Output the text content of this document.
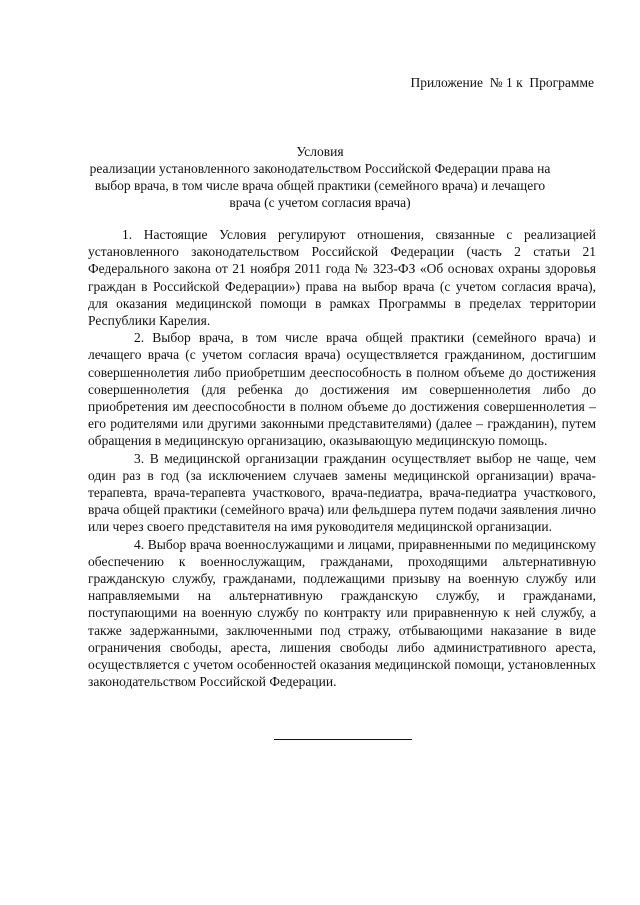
Приложение  № 1 к  Программе
Условия
реализации установленного законодательством Российской Федерации права на
выбор врача, в том числе врача общей практики (семейного врача) и лечащего
врача (с учетом согласия врача)

1. Настоящие Условия регулируют отношения, связанные с реализацией установленного законодательством Российской Федерации (часть 2 статьи 21 Федерального закона от 21 ноября 2011 года № 323-ФЗ «Об основах охраны здоровья граждан в Российской Федерации») права на выбор врача (с учетом согласия врача), для оказания медицинской помощи в рамках Программы в пределах территории Республики Карелия.

2. Выбор врача, в том числе врача общей практики (семейного врача) и лечащего врача (с учетом согласия врача) осуществляется гражданином, достигшим совершеннолетия либо приобретшим дееспособность в полном объеме до достижения совершеннолетия (для ребенка до достижения им совершеннолетия либо до приобретения им дееспособности в полном объеме до достижения совершеннолетия – его родителями или другими законными представителями) (далее – гражданин), путем обращения в медицинскую организацию, оказывающую медицинскую помощь.

3. В медицинской организации гражданин осуществляет выбор не чаще, чем один раз в год (за исключением случаев замены медицинской организации) врача-терапевта, врача-терапевта участкового, врача-педиатра, врача-педиатра участкового, врача общей практики (семейного врача) или фельдшера путем подачи заявления лично или через своего представителя на имя руководителя медицинской организации.

4. Выбор врача военнослужащими и лицами, приравненными по медицинскому обеспечению к военнослужащим, гражданами, проходящими альтернативную гражданскую службу, гражданами, подлежащими призыву на военную службу или направляемыми на альтернативную гражданскую службу, и гражданами, поступающими на военную службу по контракту или приравненную к ней службу, а также задержанными, заключенными под стражу, отбывающими наказание в виде ограничения свободы, ареста, лишения свободы либо административного ареста, осуществляется с учетом особенностей оказания медицинской помощи, установленных законодательством Российской Федерации.
